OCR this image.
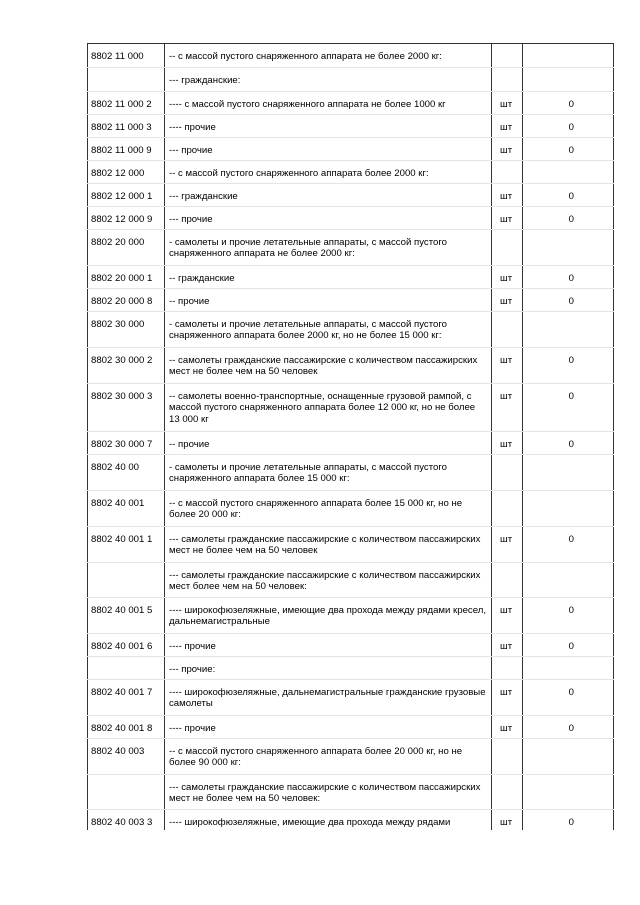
8802 11 000	-- с массой пустого снаряженного аппарата не более 2000 кг:		

	--- гражданские:		

8802 11 000 2	---- с массой пустого снаряженного аппарата не более 1000 кг	шт	0

8802 11 000 3	---- прочие	шт	0

8802 11 000 9	--- прочие	шт	0

8802 12 000	-- с массой пустого снаряженного аппарата более 2000 кг:		

8802 12 000 1	--- гражданские	шт	0

8802 12 000 9	--- прочие	шт	0

8802 20 000	- самолеты и прочие летательные аппараты, с массой пустого снаряженного аппарата не более 2000 кг:		

8802 20 000 1	-- гражданские	шт	0

8802 20 000 8	-- прочие	шт	0

8802 30 000	- самолеты и прочие летательные аппараты, с массой пустого снаряженного аппарата более 2000 кг, но не более 15 000 кг:		

8802 30 000 2	-- самолеты гражданские пассажирские с количеством пассажирских мест не более чем на 50 человек	шт	0

8802 30 000 3	-- самолеты военно-транспортные, оснащенные грузовой рампой, с массой пустого снаряженного аппарата более 12 000 кг, но не более 13 000 кг	шт	0

8802 30 000 7	-- прочие	шт	0

8802 40 00	- самолеты и прочие летательные аппараты, с массой пустого снаряженного аппарата более 15 000 кг:		

8802 40 001	-- с массой пустого снаряженного аппарата более 15 000 кг, но не более 20 000 кг:		

8802 40 001 1	--- самолеты гражданские пассажирские с количеством пассажирских мест не более чем на 50 человек	шт	0

	--- самолеты гражданские пассажирские с количеством пассажирских мест более чем на 50 человек:		

8802 40 001 5	---- широкофюзеляжные, имеющие два прохода между рядами кресел, дальнемагистральные	шт	0

8802 40 001 6	---- прочие	шт	0

	--- прочие:		

8802 40 001 7	---- широкофюзеляжные, дальнемагистральные гражданские грузовые самолеты	шт	0

8802 40 001 8	---- прочие	шт	0

8802 40 003	-- с массой пустого снаряженного аппарата более 20 000 кг, но не более 90 000 кг:		

	--- самолеты гражданские пассажирские с количеством пассажирских мест не более чем на 50 человек:		

8802 40 003 3	---- широкофюзеляжные, имеющие два прохода между рядами	шт	0
